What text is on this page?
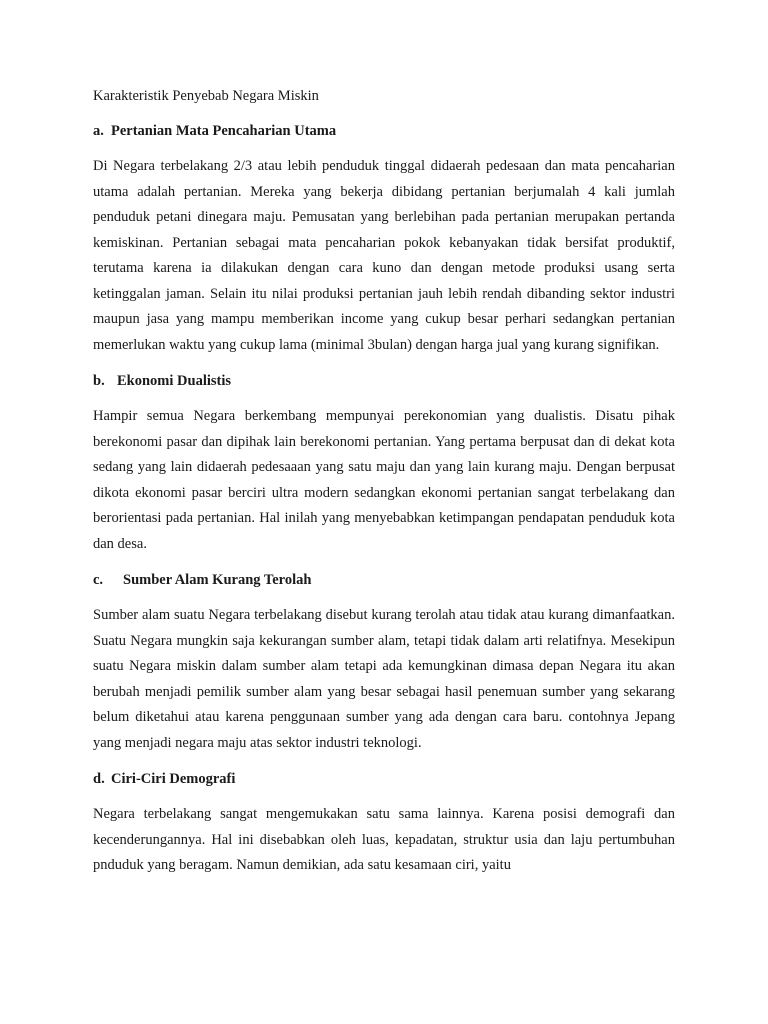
Karakteristik Penyebab Negara Miskin

a. Pertanian Mata Pencaharian Utama

Di Negara terbelakang 2/3 atau lebih penduduk tinggal didaerah pedesaan dan mata pencaharian utama adalah pertanian. Mereka yang bekerja dibidang pertanian berjumalah 4 kali jumlah penduduk petani dinegara maju. Pemusatan yang berlebihan pada pertanian merupakan pertanda kemiskinan. Pertanian sebagai mata pencaharian pokok kebanyakan tidak bersifat produktif, terutama karena ia dilakukan dengan cara kuno dan dengan metode produksi usang serta ketinggalan jaman. Selain itu nilai produksi pertanian jauh lebih rendah dibanding sektor industri maupun jasa yang mampu memberikan income yang cukup besar perhari sedangkan pertanian memerlukan waktu yang cukup lama (minimal 3bulan) dengan harga jual yang kurang signifikan.

b. Ekonomi Dualistis

Hampir semua Negara berkembang mempunyai perekonomian yang dualistis. Disatu pihak berekonomi pasar dan dipihak lain berekonomi pertanian. Yang pertama berpusat dan di dekat kota sedang yang lain didaerah pedesaaan yang satu maju dan yang lain kurang maju. Dengan berpusat dikota ekonomi pasar berciri ultra modern sedangkan ekonomi pertanian sangat terbelakang dan berorientasi pada pertanian. Hal inilah yang menyebabkan ketimpangan pendapatan penduduk kota dan desa.

c.	Sumber Alam Kurang Terolah

Sumber alam suatu Negara terbelakang disebut kurang terolah atau tidak atau kurang dimanfaatkan. Suatu Negara mungkin saja kekurangan sumber alam, tetapi tidak dalam arti relatifnya. Mesekipun suatu Negara miskin dalam sumber alam tetapi ada kemungkinan dimasa depan Negara itu akan berubah menjadi pemilik sumber alam yang besar sebagai hasil penemuan sumber yang sekarang belum diketahui atau karena penggunaan sumber yang ada dengan cara baru. contohnya Jepang yang menjadi negara maju atas sektor industri teknologi.

d. Ciri-Ciri Demografi

Negara terbelakang sangat mengemukakan satu sama lainnya. Karena posisi demografi dan kecenderungannya. Hal ini disebabkan oleh luas, kepadatan, struktur usia dan laju pertumbuhan pnduduk yang beragam. Namun demikian, ada satu kesamaan ciri, yaitu
